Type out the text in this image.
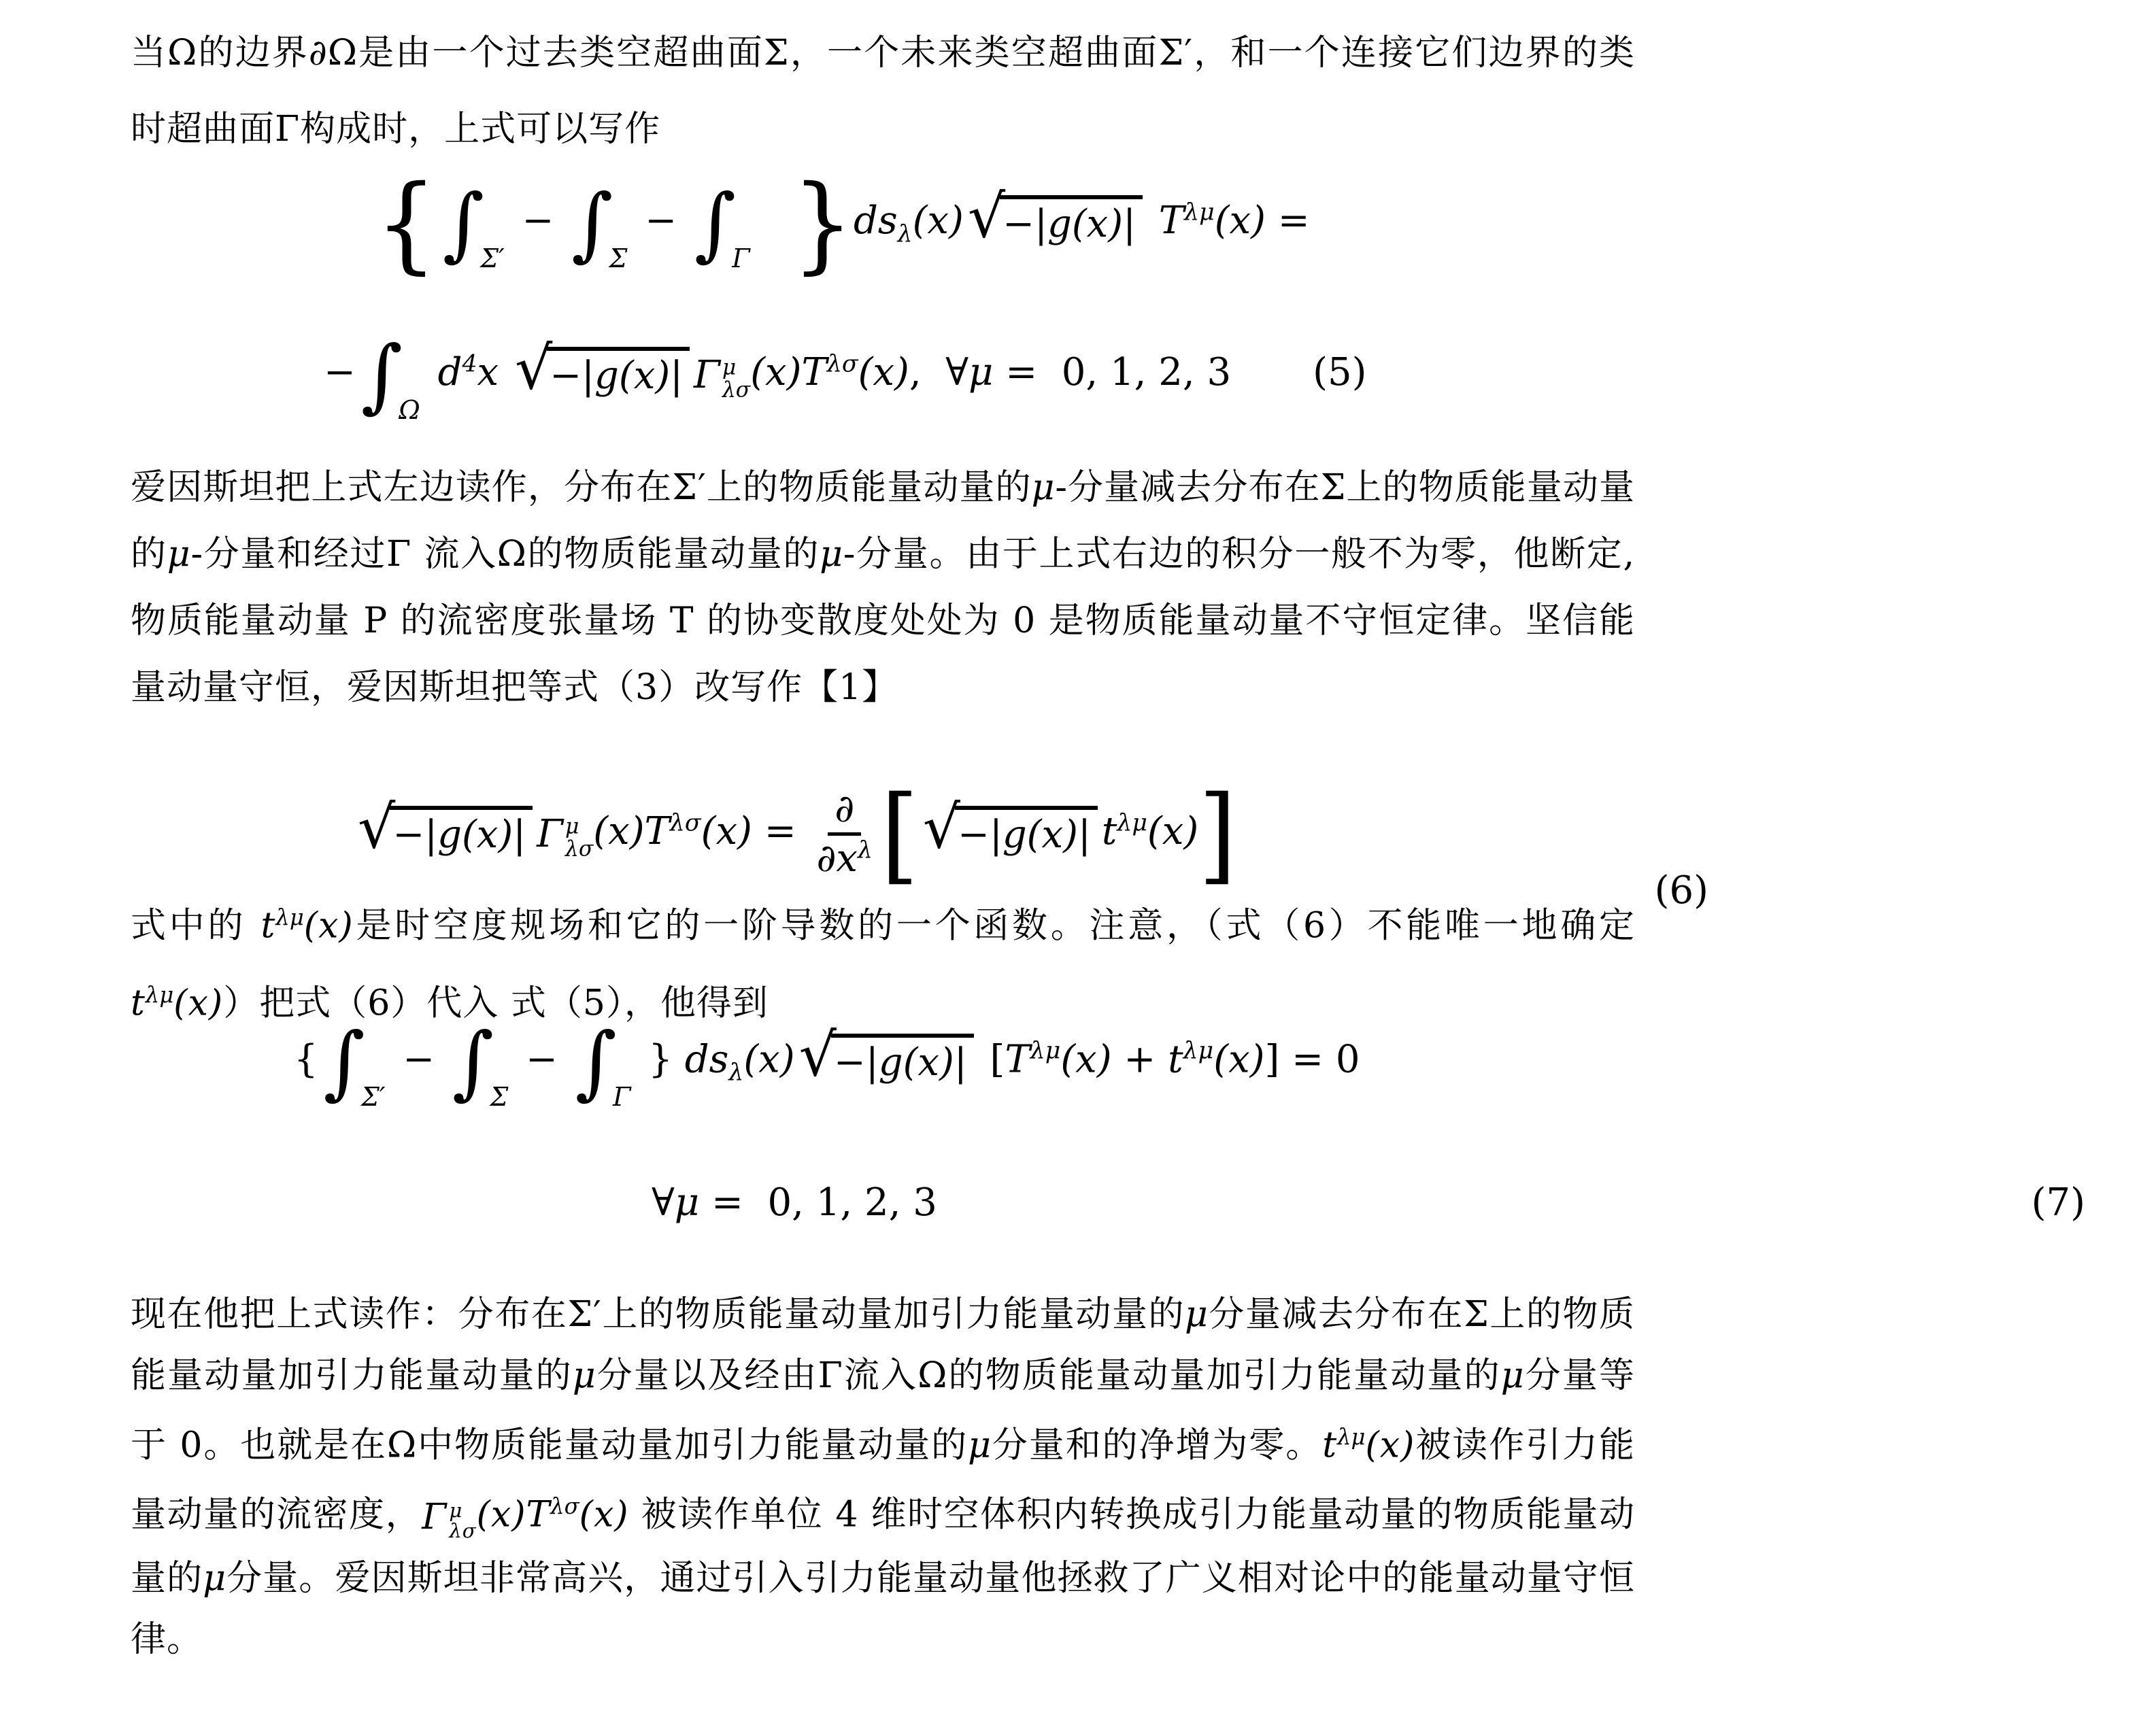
当Ω的边界∂Ω是由一个过去类空超曲面Σ，一个未来类空超曲面Σ′，和一个连接它们边界的类时超曲面Γ构成时，上式可以写作
{ ∫
Σ′
− ∫
Σ
− ∫
Γ }$ds_\lambda(x)$ √
−|g(x)| $T^{\lambda\mu}(x)$ =
− ∫
Ω
$d^4x$ √
−|g(x)| Γ μ
λσ $(x)T^{\lambda\sigma}(x)$,  ∀μ =  0, 1, 2, 3 (5)
爱因斯坦把上式左边读作，分布在Σ′上的物质能量动量的μ-分量减去分布在Σ上的物质能量动量的μ-分量和经过Γ 流入Ω的物质能量动量的μ-分量。由于上式右边的积分一般不为零，他断定, 物质能量动量 P 的流密度张量场 T 的协变散度处处为 0 是物质能量动量不守恒定律。坚信能量动量守恒，爱因斯坦把等式（3）改写作【1】
√
−|g(x)| Γ μ
λσ $(x)T^{\lambda\sigma}(x) = \frac{\partial}{\partial x^\lambda}$ [ √
−|g(x)| $t^{\lambda\mu}(x)$]	(6)
式中的 $t^{\lambda\mu}(x)$是时空度规场和它的一阶导数的一个函数。注意，（式（6）不能唯一地确定$t^{\lambda\mu}(x)$）把式（6）代入 式（5），他得到
{ ∫
Σ′
− ∫
Σ
− ∫
Γ
} $ds_\lambda(x)$ √
−|g(x)| $[T^{\lambda\mu}(x) + t^{\lambda\mu}(x)] = 0$
∀μ =  0, 1, 2, 3	(7)
现在他把上式读作：分布在Σ′上的物质能量动量加引力能量动量的μ分量减去分布在Σ上的物质能量动量加引力能量动量的μ分量以及经由Γ流入Ω的物质能量动量加引力能量动量的μ分量等于 0。也就是在Ω中物质能量动量加引力能量动量的μ分量和的净增为零。$t^{\lambda\mu}(x)$被读作引力能量动量的流密度， Γ μ
λσ $(x)T^{\lambda\sigma}(x)$ 被读作单位 4 维时空体积内转换成引力能量动量的物质能量动量的μ分量。爱因斯坦非常高兴，通过引入引力能量动量他拯救了广义相对论中的能量动量守恒律。
